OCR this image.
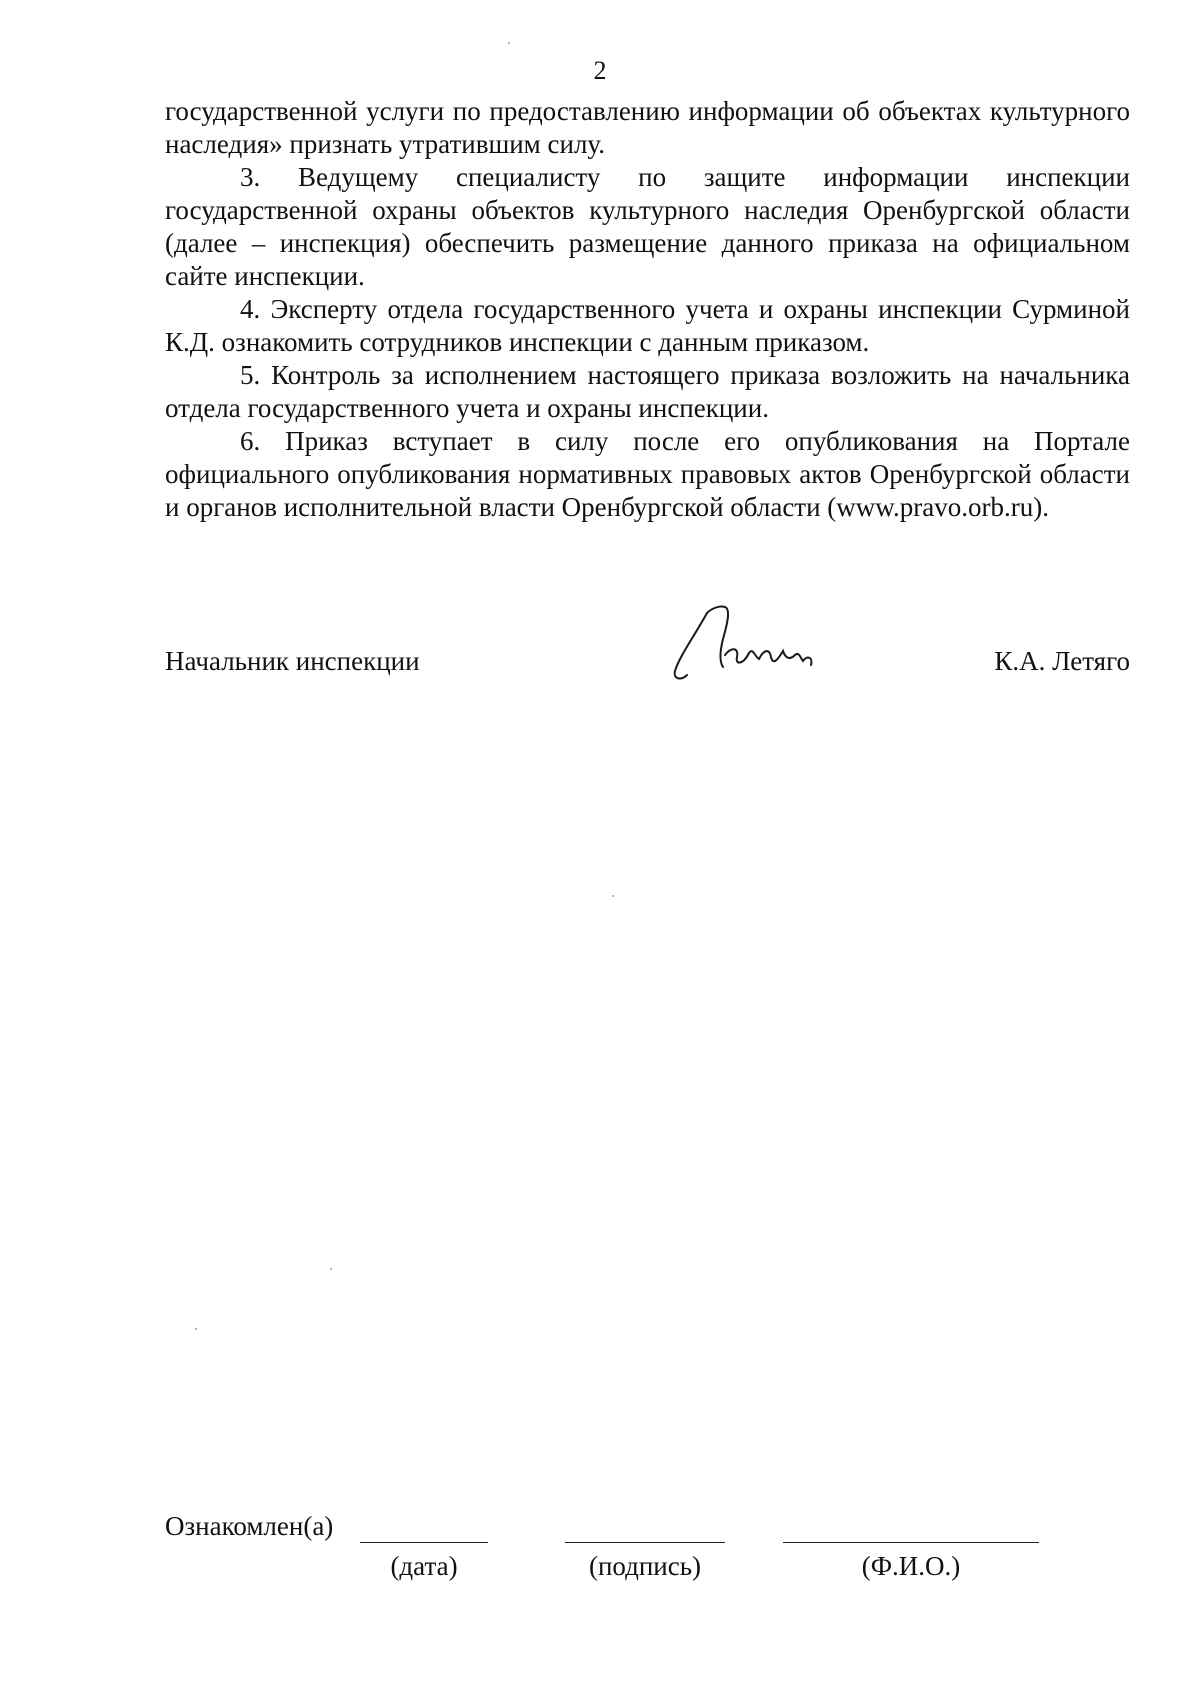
2

государственной услуги по предоставлению информации об объектах культурного наследия» признать утратившим силу.

3. Ведущему специалисту по защите информации инспекции государственной охраны объектов культурного наследия Оренбургской области (далее – инспекция) обеспечить размещение данного приказа на официальном сайте инспекции.

4. Эксперту отдела государственного учета и охраны инспекции Сурминой К.Д. ознакомить сотрудников инспекции с данным приказом.

5. Контроль за исполнением настоящего приказа возложить на начальника отдела государственного учета и охраны инспекции.

6. Приказ вступает в силу после его опубликования на Портале официального опубликования нормативных правовых актов Оренбургской области и органов исполнительной власти Оренбургской области (www.pravo.orb.ru).

Начальник инспекции	К.А. Летяго
Ознакомлен(а)
(дата)	(подпись)	(Ф.И.О.)
